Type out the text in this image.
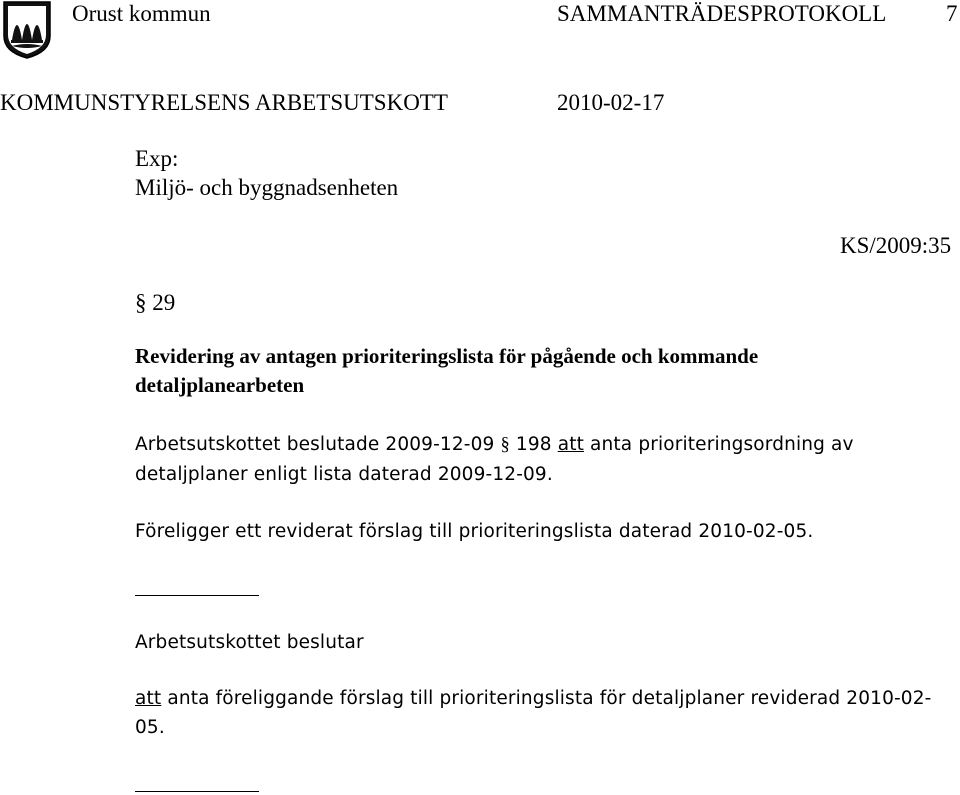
Orust kommun	SAMMANTRÄDESPROTOKOLL	7
KOMMUNSTYRELSENS ARBETSUTSKOTT	2010-02-17
Exp:
Miljö- och byggnadsenheten
KS/2009:35
§ 29
Revidering av antagen prioriteringslista för pågående och kommande detaljplanearbeten
Arbetsutskottet beslutade 2009-12-09 § 198 att anta prioriteringsordning av detaljplaner enligt lista daterad 2009-12-09.
Föreligger ett reviderat förslag till prioriteringslista daterad 2010-02-05.
Arbetsutskottet beslutar
att anta föreliggande förslag till prioriteringslista för detaljplaner reviderad 2010-02-05.
